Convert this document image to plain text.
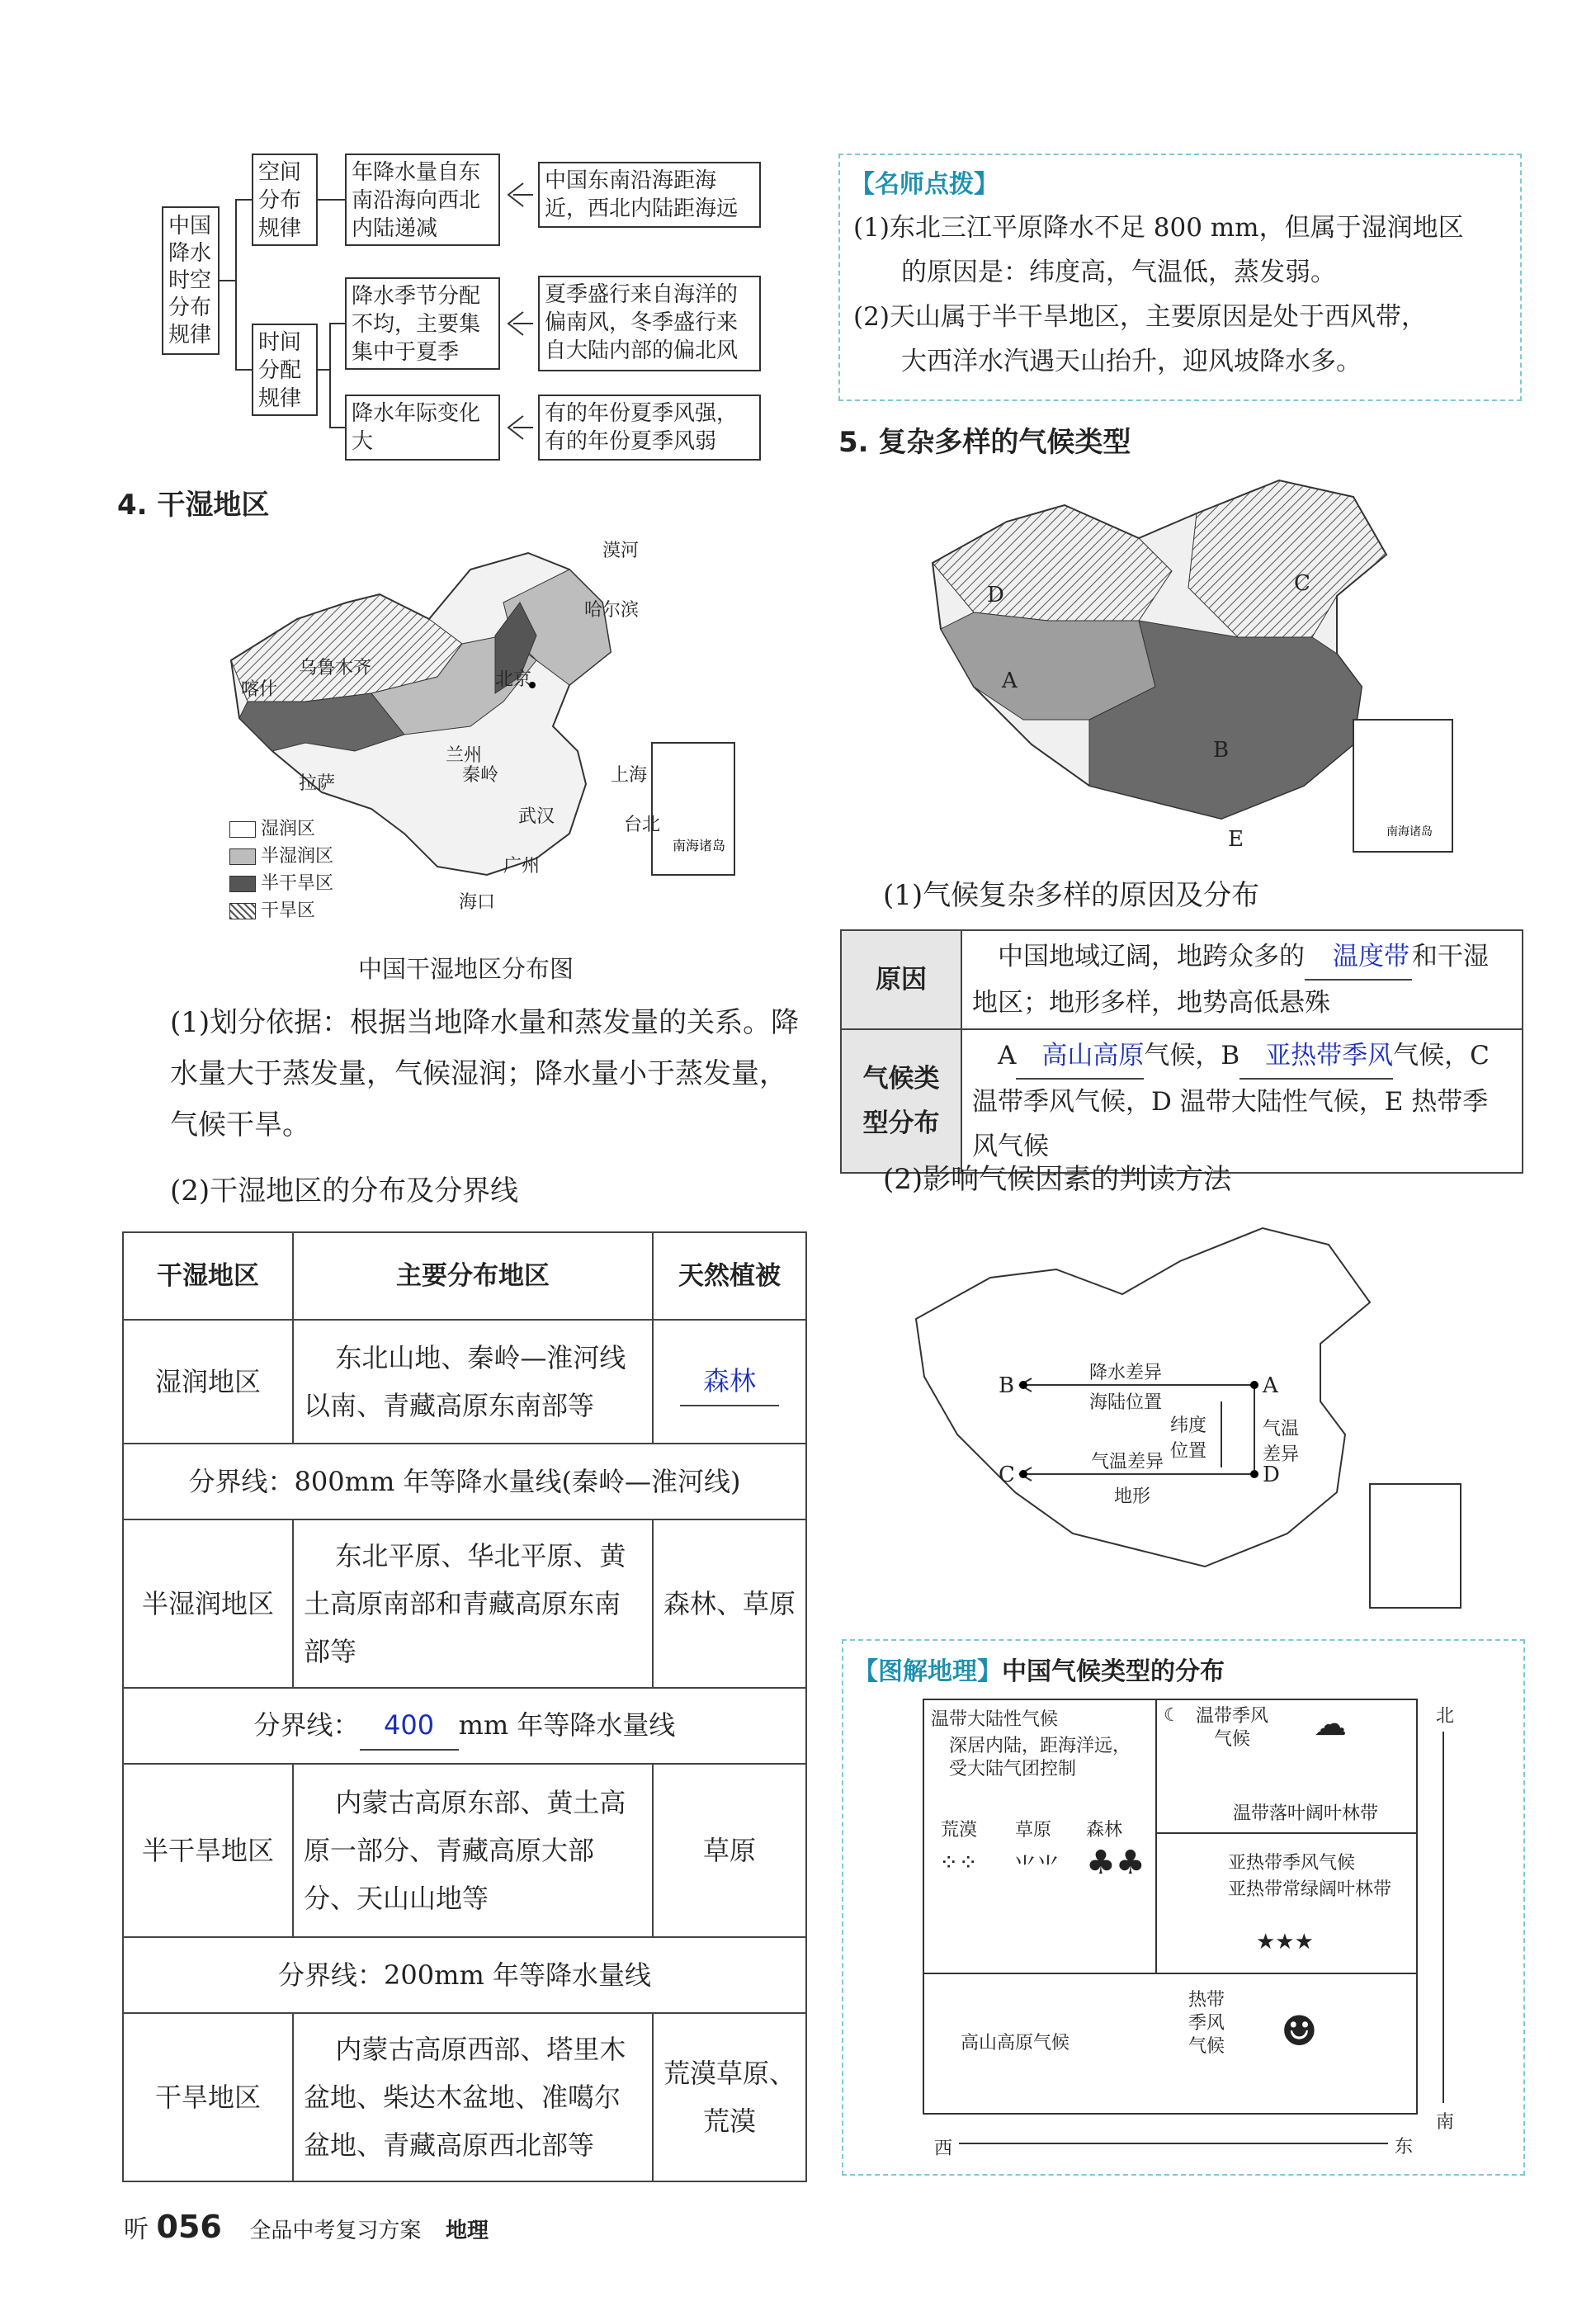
中国降水时空分布规律
空间分布规律
年降水量自东南沿海向西北内陆递减
中国东南沿海距海近，西北内陆距海远
时间分配规律
降水季节分配不均，主要集集中于夏季
夏季盛行来自海洋的偏南风，冬季盛行来自大陆内部的偏北风
降水年际变化大
有的年份夏季风强，有的年份夏季风弱
4. 干湿地区
南海诸岛
漠河
哈尔滨
乌鲁木齐
喀什	北京
兰州
拉萨	秦岭	上海
武汉	台北
广州
海口
湿润区
半湿润区
半干旱区
干旱区
中国干湿地区分布图
(1)划分依据：根据当地降水量和蒸发量的关系。降水量大于蒸发量，气候湿润；降水量小于蒸发量，气候干旱。
(2)干湿地区的分布及分界线
干湿地区	主要分布地区	天然植被
湿润地区	东北山地、秦岭—淮河线以南、青藏高原东南部等	森林
分界线：800mm 年等降水量线(秦岭—淮河线)		
半湿润地区	东北平原、华北平原、黄土高原南部和青藏高原东南部等	森林、草原
分界线： 400 mm 年等降水量线		
半干旱地区	内蒙古高原东部、黄土高原一部分、青藏高原大部分、天山山地等	草原
分界线：200mm 年等降水量线		
干旱地区	内蒙古高原西部、塔里木盆地、柴达木盆地、准噶尔盆地、青藏高原西北部等	荒漠草原、荒漠
【名师点拨】
(1)东北三江平原降水不足 800 mm，但属于湿润地区
的原因是：纬度高，气温低，蒸发弱。
(2)天山属于半干旱地区，主要原因是处于西风带，
大西洋水汽遇天山抬升，迎风坡降水多。
5. 复杂多样的气候类型
南海诸岛
A
B
C
D
E
(1)气候复杂多样的原因及分布
原因	中国地域辽阔，地跨众多的 温度带和干湿地区；地形多样，地势高低悬殊
气候类型分布	A 高山高原气候，B 亚热带季风气候，C 温带季风气候，D 温带大陆性气候，E 热带季风气候
(2)影响气候因素的判读方法
降水差异
海陆位置
纬度位置
气温差异
气温差异
地形
B	A
C	D
【图解地理】中国气候类型的分布
温带大陆性气候
深居内陆，距海洋远，受大陆气团控制
荒漠 草原 森林
⁘⁘ ⺌⺌ ♣♣
☾ 温带季风气候	☁
温带落叶阔叶林带
亚热带季风气候
亚热带常绿阔叶林带
★★★
高山高原气候
热带季风气候 ☻
北
南
西	东
听 056 全品中考复习方案 地理
